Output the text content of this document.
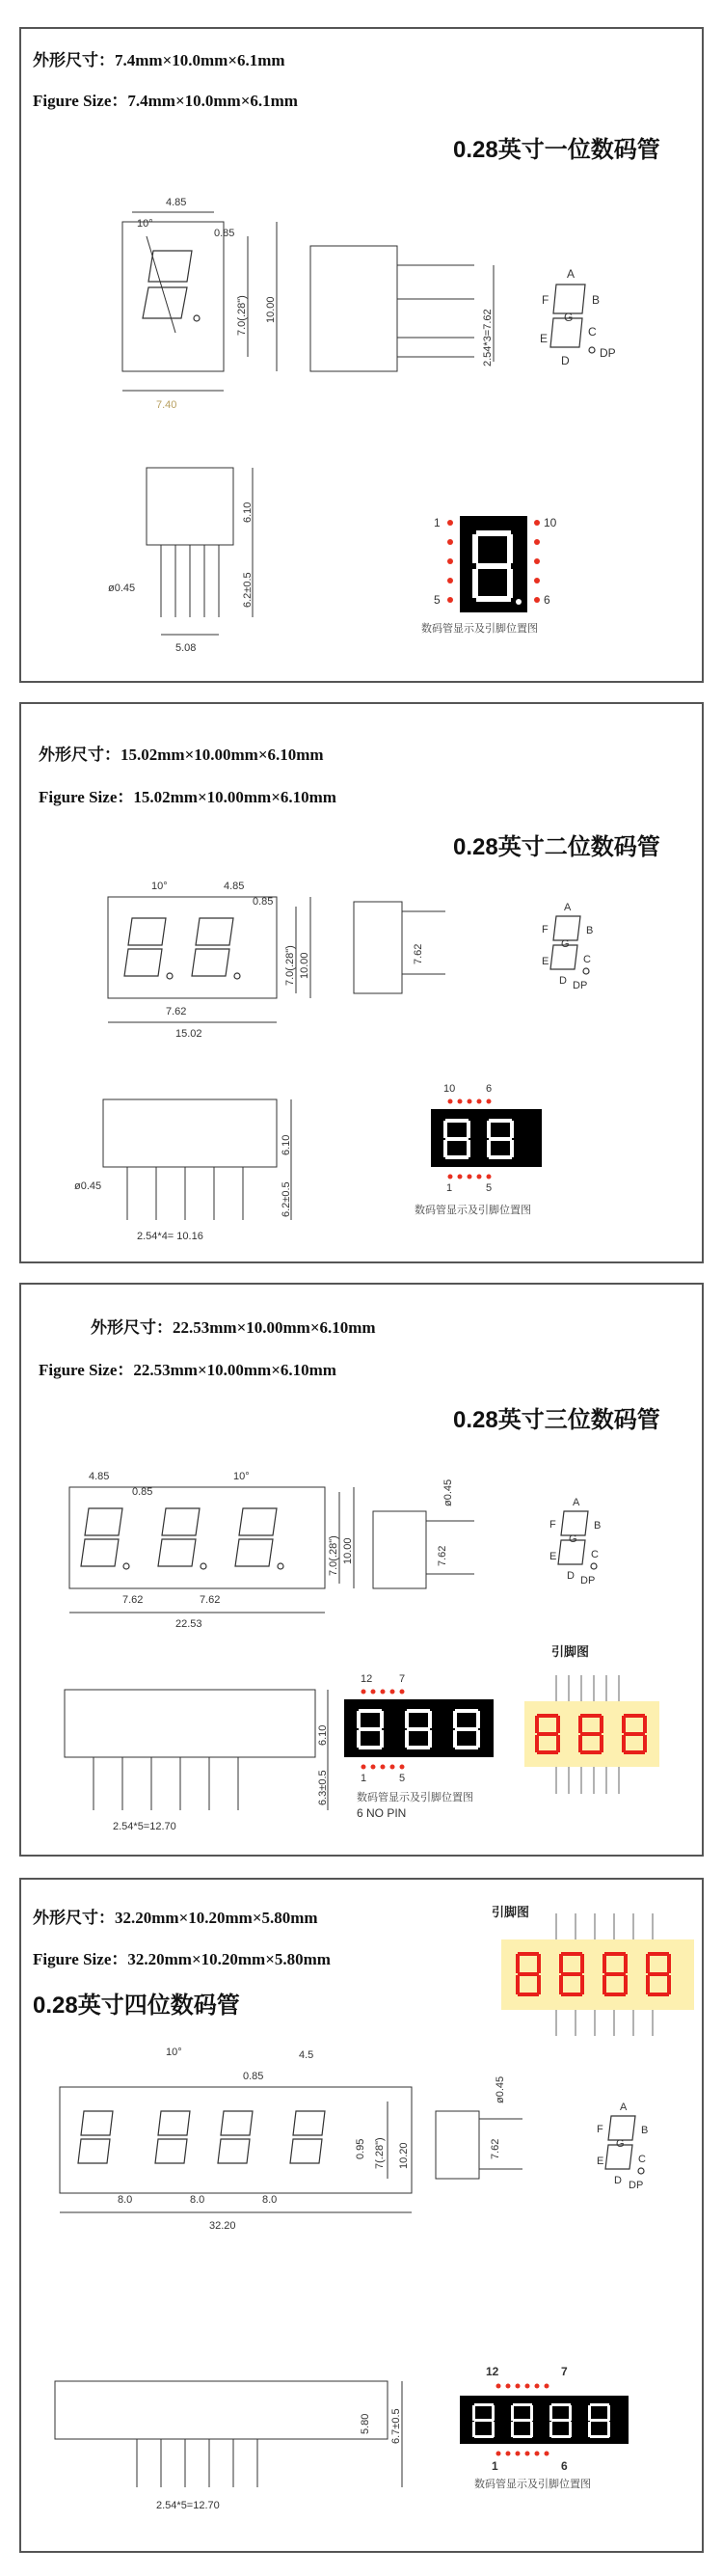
外形尺寸：7.4mm×10.0mm×6.1mm
Figure Size：7.4mm×10.0mm×6.1mm
0.28英寸一位数码管
4.85
10°
0.85
7.0(.28") 10.00
7.40
2.54*3=7.62
6.10
6.2±0.5
ø0.45
5.08
A
B
C
D
E
F
G
DP
1
5
10
6
数码管显示及引脚位置图
外形尺寸：15.02mm×10.00mm×6.10mm
Figure Size：15.02mm×10.00mm×6.10mm
0.28英寸二位数码管
10°	4.85
0.85
7.0(.28") 10.00
7.62
15.02
7.62
6.10
6.2±0.5
ø0.45
2.54*4= 10.16
A
B
C
D
E
F
G
DP
10	6
1	5
数码管显示及引脚位置图
外形尺寸：22.53mm×10.00mm×6.10mm
Figure Size：22.53mm×10.00mm×6.10mm
0.28英寸三位数码管
4.85
0.85
10°
7.0(.28") 10.00
7.62	7.62
22.53
ø0.45
7.62
6.10
6.3±0.5
2.54*5=12.70
A
B
C
D
E
F
G
DP
12	7
1	5
数码管显示及引脚位置图
6 NO PIN
引脚图
外形尺寸：32.20mm×10.20mm×5.80mm
Figure Size：32.20mm×10.20mm×5.80mm
0.28英寸四位数码管
10°
0.85
4.5
0.95 7(.28") 10.20
8.0	8.0	8.0
32.20
ø0.45
7.62
5.80 6.7±0.5
2.54*5=12.70
A
B
C
D
E
F
G
DP
引脚图
12	7
1	6
数码管显示及引脚位置图
